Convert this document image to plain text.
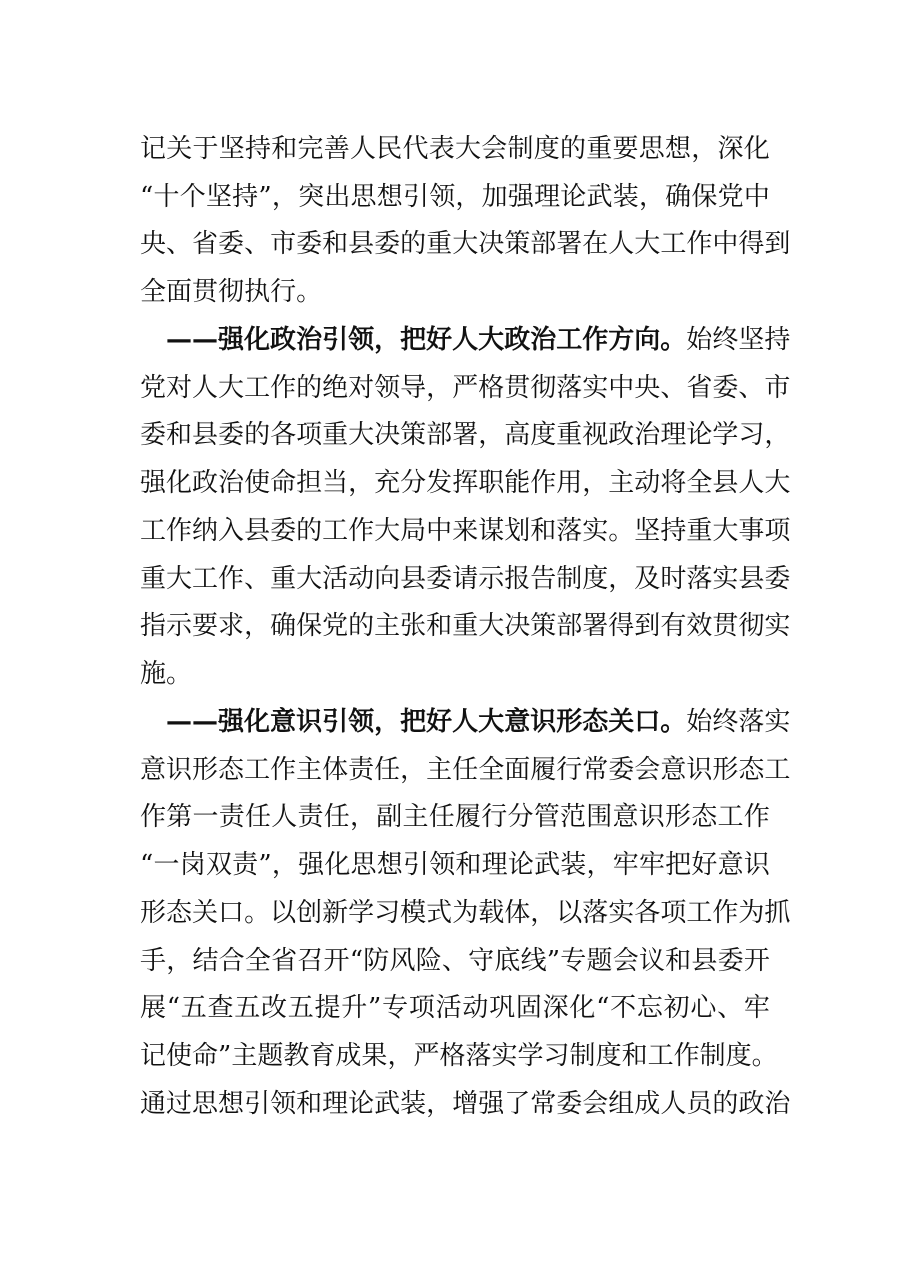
记 关 于 坚 持 和 完 善 人 民 代 表 大 会 制 度 的 重 要 思 想 ， 深 化
“ 十 个 坚 持 ” ， 突 出 思 想 引 领 ， 加 强 理 论 武 装 ， 确 保 党 中
央 、 省 委 、 市 委 和 县 委 的 重 大 决 策 部 署 在 人 大 工 作 中 得 到
全 面 贯 彻 执 行 。

— — 强 化 政 治 引 领 ， 把 好 人 大 政 治 工 作 方 向 。 始 终 坚 持
党 对 人 大 工 作 的 绝 对 领 导 ， 严 格 贯 彻 落 实 中 央 、 省 委 、 市
委 和 县 委 的 各 项 重 大 决 策 部 署 ， 高 度 重 视 政 治 理 论 学 习 ，
强 化 政 治 使 命 担 当 ， 充 分 发 挥 职 能 作 用 ， 主 动 将 全 县 人 大
工 作 纳 入 县 委 的 工 作 大 局 中 来 谋 划 和 落 实 。 坚 持 重 大 事 项
重 大 工 作 、 重 大 活 动 向 县 委 请 示 报 告 制 度 ， 及 时 落 实 县 委
指 示 要 求 ， 确 保 党 的 主 张 和 重 大 决 策 部 署 得 到 有 效 贯 彻 实
施 。

— — 强 化 意 识 引 领 ， 把 好 人 大 意 识 形 态 关 口 。 始 终 落 实
意 识 形 态 工 作 主 体 责 任 ， 主 任 全 面 履 行 常 委 会 意 识 形 态 工
作 第 一 责 任 人 责 任 ， 副 主 任 履 行 分 管 范 围 意 识 形 态 工 作
“ 一 岗 双 责 ” ， 强 化 思 想 引 领 和 理 论 武 装 ， 牢 牢 把 好 意 识
形 态 关 口 。 以 创 新 学 习 模 式 为 载 体 ， 以 落 实 各 项 工 作 为 抓
手 ， 结 合 全 省 召 开 “ 防 风 险 、 守 底 线 ” 专 题 会 议 和 县 委 开
展 “ 五 查 五 改 五 提 升 ” 专 项 活 动 巩 固 深 化 “ 不 忘 初 心 、 牢
记 使 命 ” 主 题 教 育 成 果 ， 严 格 落 实 学 习 制 度 和 工 作 制 度 。
通 过 思 想 引 领 和 理 论 武 装 ， 增 强 了 常 委 会 组 成 人 员 的 政 治
